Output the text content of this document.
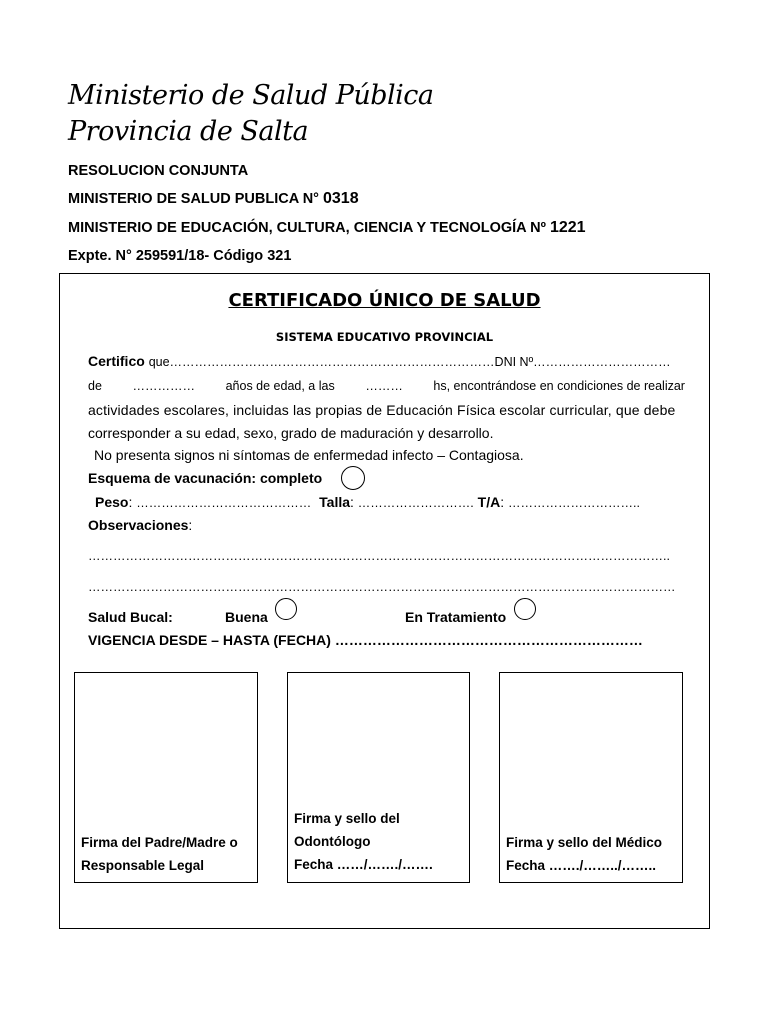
Ministerio de Salud Pública
Provincia de Salta
RESOLUCION CONJUNTA
MINISTERIO DE SALUD PUBLICA N° 0318
MINISTERIO DE EDUCACIÓN, CULTURA, CIENCIA Y TECNOLOGÍA Nº 1221
Expte. N° 259591/18- Código 321
CERTIFICADO ÚNICO DE SALUD
SISTEMA EDUCATIVO PROVINCIAL
Certifico que……………………………………………………………………DNI Nº……………………………
de …………… años de edad, a las ……… hs, encontrándose en condiciones de realizar
actividades escolares, incluidas las propias de Educación Física escolar curricular, que debe
corresponder a su edad, sexo, grado de maduración y desarrollo.
No presenta signos ni síntomas de enfermedad infecto – Contagiosa.
Esquema de vacunación: completo
Peso: …………………………………… Talla: ………………………. T/A: …………………………..
Observaciones:
…………………………………………………………………………………………………………………………..
……………………………………………………………………………………………………………………………
Salud Bucal:	Buena	En Tratamiento
VIGENCIA DESDE – HASTA (FECHA) …………………………………………………………
Firma del Padre/Madre o
Responsable Legal
Firma y sello del
Odontólogo
Fecha ……/……./…….
Firma y sello del Médico
Fecha ……./……../……..
